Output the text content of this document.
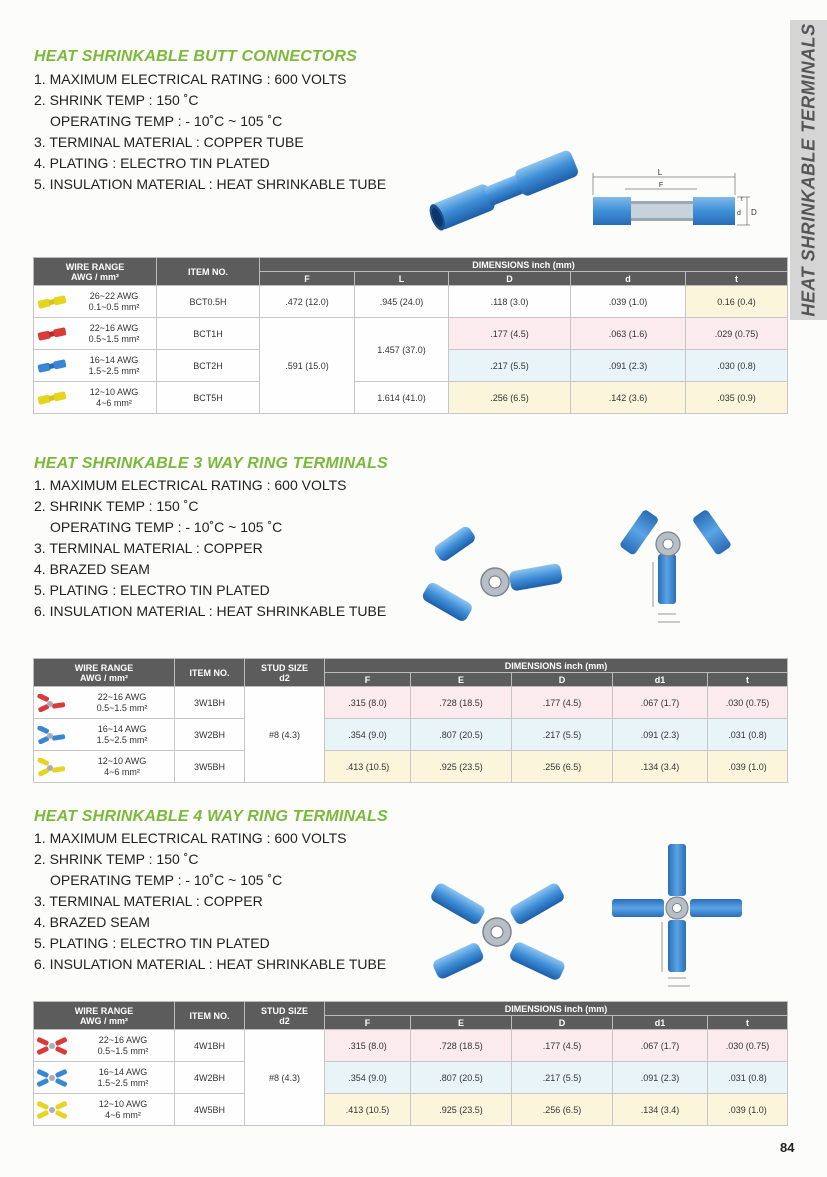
HEAT SHRINKABLE TERMINALS
HEAT SHRINKABLE BUTT CONNECTORS
1. MAXIMUM ELECTRICAL RATING : 600 VOLTS
2. SHRINK TEMP : 150 ˚C
OPERATING TEMP : - 10˚C ~ 105 ˚C
3. TERMINAL MATERIAL : COPPER TUBE
4. PLATING : ELECTRO TIN PLATED
5. INSULATION MATERIAL : HEAT SHRINKABLE TUBE
L
F
t
d D
WIRE RANGE
AWG / mm²	ITEM NO.	DIMENSIONS inch (mm)				
		F	L	D	d	t

26~22 AWG
0.1~0.5 mm²	BCT0.5H	.472 (12.0)	.945 (24.0)	.118 (3.0)	.039 (1.0)	0.16 (0.4)

22~16 AWG
0.5~1.5 mm²	BCT1H	.591 (15.0)	1.457 (37.0)	.177 (4.5)	.063 (1.6)	.029 (0.75)

16~14 AWG
1.5~2.5 mm²	BCT2H			.217 (5.5)	.091 (2.3)	.030 (0.8)

12~10 AWG
4~6 mm²	BCT5H		1.614 (41.0)	.256 (6.5)	.142 (3.6)	.035 (0.9)
HEAT SHRINKABLE 3 WAY RING TERMINALS
1. MAXIMUM ELECTRICAL RATING : 600 VOLTS
2. SHRINK TEMP : 150 ˚C
OPERATING TEMP : - 10˚C ~ 105 ˚C
3. TERMINAL MATERIAL : COPPER
4. BRAZED SEAM
5. PLATING : ELECTRO TIN PLATED
6. INSULATION MATERIAL : HEAT SHRINKABLE TUBE
WIRE RANGE
AWG / mm²	ITEM NO.	STUD SIZE
d2	DIMENSIONS inch (mm)				
			F	E	D	d1	t

22~16 AWG
0.5~1.5 mm²	3W1BH	#8 (4.3)	.315 (8.0)	.728 (18.5)	.177 (4.5)	.067 (1.7)	.030 (0.75)

16~14 AWG
1.5~2.5 mm²	3W2BH		.354 (9.0)	.807 (20.5)	.217 (5.5)	.091 (2.3)	.031 (0.8)

12~10 AWG
4~6 mm²	3W5BH		.413 (10.5)	.925 (23.5)	.256 (6.5)	.134 (3.4)	.039 (1.0)
HEAT SHRINKABLE 4 WAY RING TERMINALS
1. MAXIMUM ELECTRICAL RATING : 600 VOLTS
2. SHRINK TEMP : 150 ˚C
OPERATING TEMP : - 10˚C ~ 105 ˚C
3. TERMINAL MATERIAL : COPPER
4. BRAZED SEAM
5. PLATING : ELECTRO TIN PLATED
6. INSULATION MATERIAL : HEAT SHRINKABLE TUBE
WIRE RANGE
AWG / mm²	ITEM NO.	STUD SIZE
d2	DIMENSIONS inch (mm)				
			F	E	D	d1	t

22~16 AWG
0.5~1.5 mm²	4W1BH	#8 (4.3)	.315 (8.0)	.728 (18.5)	.177 (4.5)	.067 (1.7)	.030 (0.75)

16~14 AWG
1.5~2.5 mm²	4W2BH		.354 (9.0)	.807 (20.5)	.217 (5.5)	.091 (2.3)	.031 (0.8)

12~10 AWG
4~6 mm²	4W5BH		.413 (10.5)	.925 (23.5)	.256 (6.5)	.134 (3.4)	.039 (1.0)
84
